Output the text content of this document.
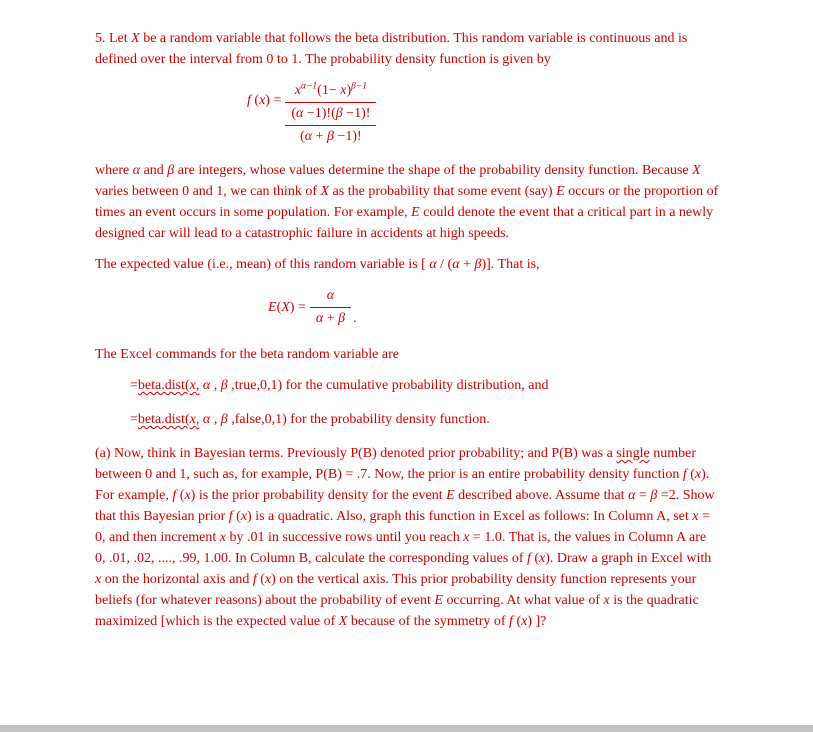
5. Let X be a random variable that follows the beta distribution. This random variable is continuous and is defined over the interval from 0 to 1. The probability density function is given by

f (x) =
$x^{\alpha-1}(1- x)^{\beta-1}$
(α −1)!(β −1)!
(α + β −1)!

where α and β are integers, whose values determine the shape of the probability density function. Because X varies between 0 and 1, we can think of X as the probability that some event (say) E occurs or the proportion of times an event occurs in some population. For example, E could denote the event that a critical part in a newly designed car will lead to a catastrophic failure in accidents at high speeds.

The expected value (i.e., mean) of this random variable is [ α / (α + β)]. That is,

$E(X) = \frac{\alpha}{\alpha + \beta}$ .

The Excel commands for the beta random variable are

=beta.dist(x, α , β ,true,0,1) for the cumulative probability distribution, and

=beta.dist(x, α , β ,false,0,1) for the probability density function.

(a) Now, think in Bayesian terms. Previously P(B) denoted prior probability; and P(B) was a single number between 0 and 1, such as, for example, P(B) = .7. Now, the prior is an entire probability density function f (x). For example, f (x) is the prior probability density for the event E described above. Assume that α = β =2. Show that this Bayesian prior f (x) is a quadratic. Also, graph this function in Excel as follows: In Column A, set x = 0, and then increment x by .01 in successive rows until you reach x = 1.0. That is, the values in Column A are 0, .01, .02, ...., .99, 1.00. In Column B, calculate the corresponding values of f (x). Draw a graph in Excel with x on the horizontal axis and f (x) on the vertical axis. This prior probability density function represents your beliefs (for whatever reasons) about the probability of event E occurring. At what value of x is the quadratic maximized [which is the expected value of X because of the symmetry of f (x) ]?
